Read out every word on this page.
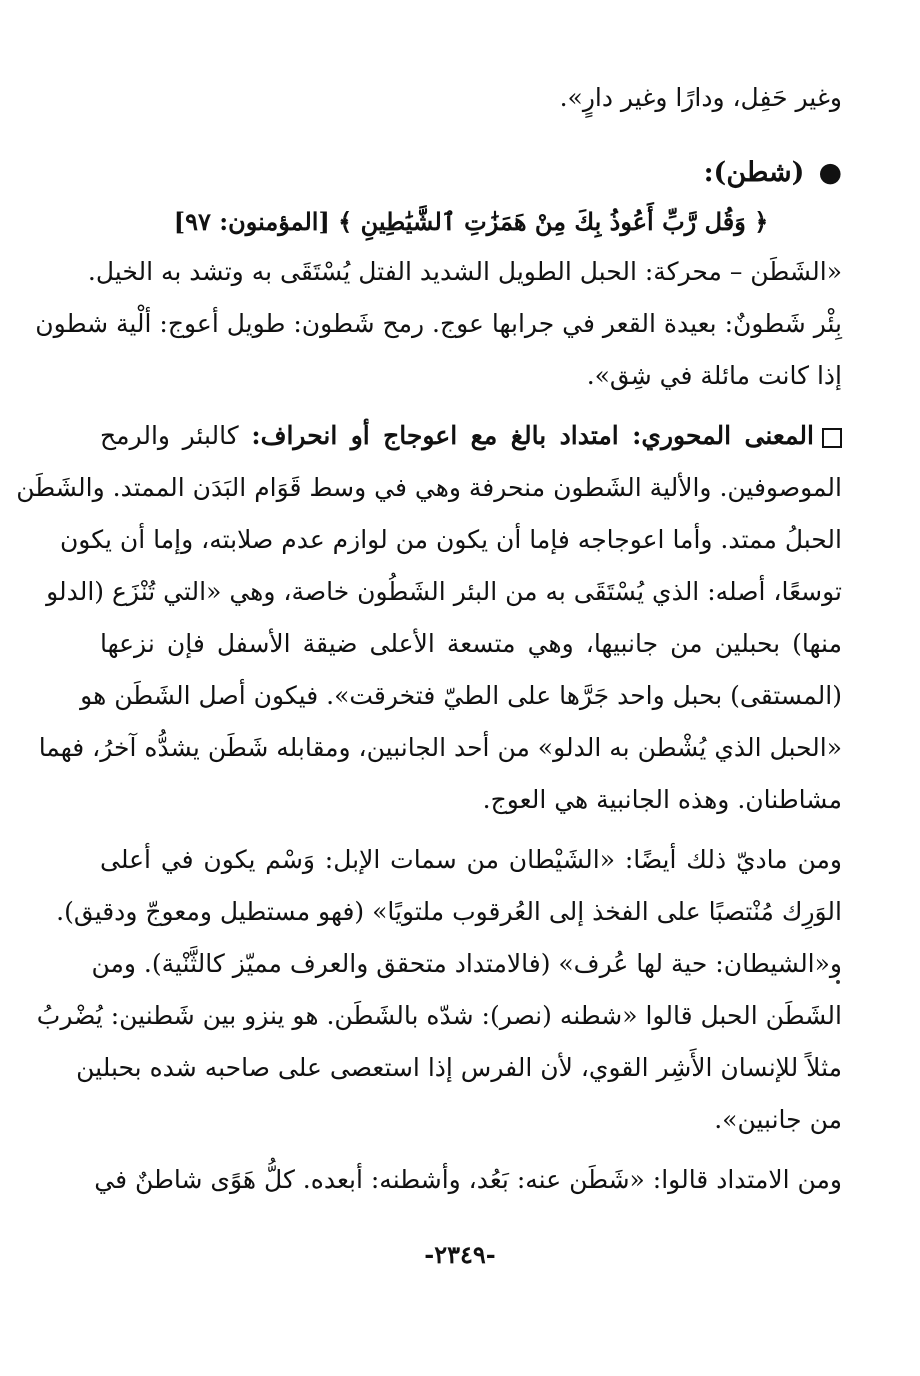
وغير حَفِل، ودارًا وغير دارٍ».
●(شطن):
﴿ وَقُل رَّبِّ أَعُوذُ بِكَ مِنْ هَمَزَٰتِ ٱلشَّيَٰطِينِ ﴾ [المؤمنون: ٩٧]
«الشَطَن – محركة: الحبل الطويل الشديد الفتل يُسْتَقَى به وتشد به الخيل.
بِئْر شَطونٌ: بعيدة القعر في جرابها عوج. رمح شَطون: طويل أعوج: ألْية شطون
إذا كانت مائلة في شِق».
المعنى المحوري: امتداد بالغ مع اعوجاج أو انحراف: كالبئر والرمح
الموصوفين. والألية الشَطون منحرفة وهي في وسط قَوَام البَدَن الممتد. والشَطَن
الحبلُ ممتد. وأما اعوجاجه فإما أن يكون من لوازم عدم صلابته، وإما أن يكون
توسعًا، أصله: الذي يُسْتَقَى به من البئر الشَطُون خاصة، وهي «التي تُنْزَع (الدلو
منها) بحبلين من جانبيها، وهي متسعة الأعلى ضيقة الأسفل فإن نزعها
(المستقى) بحبل واحد جَرَّها على الطيّ فتخرقت». فيكون أصل الشَطَن هو
«الحبل الذي يُشْطن به الدلو» من أحد الجانبين، ومقابله شَطَن يشدُّه آخرُ، فهما
مشاطنان. وهذه الجانبية هي العوج.
ومن ماديّ ذلك أيضًا: «الشَيْطان من سمات الإبل: وَسْم يكون في أعلى
الوَرِك مُنْتصبًا على الفخذ إلى العُرقوب ملتويًا» (فهو مستطيل ومعوجّ ودقيق).
و«الشيطان: حية لها عُرف» (فالامتداد متحقق والعرف مميّز كالثَّنْية). ومن
الشَطَن الحبل قالوا «شطنه (نصر): شدّه بالشَطَن. هو ينزو بين شَطنين: يُضْربُ
مثلاً للإنسان الأَشِر القوي، لأن الفرس إذا استعصى على صاحبه شده بحبلين
من جانبين».
ومن الامتداد قالوا: «شَطَن عنه: بَعُد، وأشطنه: أبعده. كلُّ هَوًى شاطنٌ في
-٢٣٤٩-
